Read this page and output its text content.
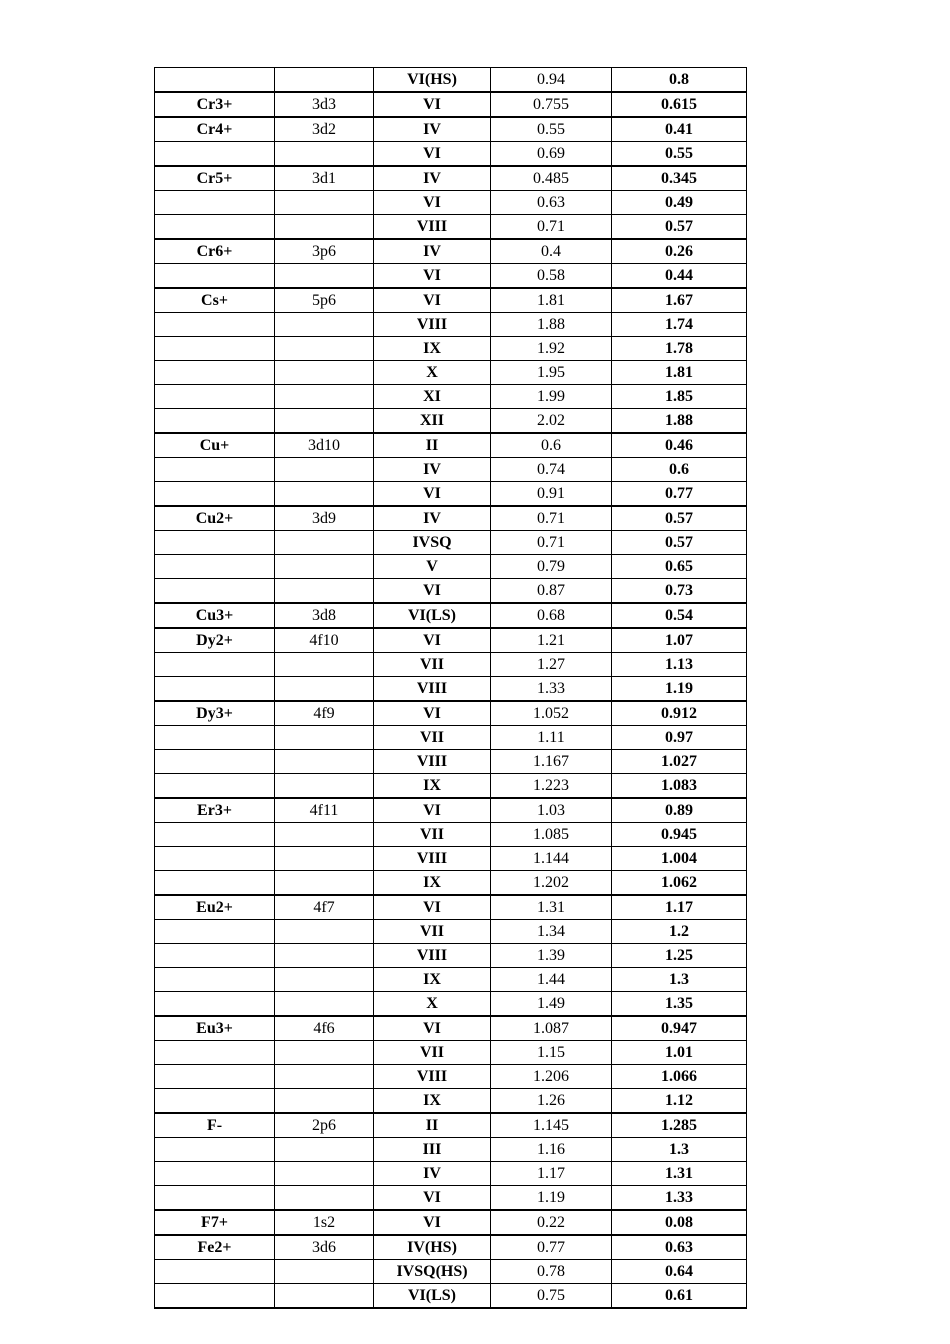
		VI(HS)	0.94	0.8
Cr3+	3d3	VI	0.755	0.615
Cr4+	3d2	IV	0.55	0.41
		VI	0.69	0.55
Cr5+	3d1	IV	0.485	0.345
		VI	0.63	0.49
		VIII	0.71	0.57
Cr6+	3p6	IV	0.4	0.26
		VI	0.58	0.44
Cs+	5p6	VI	1.81	1.67
		VIII	1.88	1.74
		IX	1.92	1.78
		X	1.95	1.81
		XI	1.99	1.85
		XII	2.02	1.88
Cu+	3d10	II	0.6	0.46
		IV	0.74	0.6
		VI	0.91	0.77
Cu2+	3d9	IV	0.71	0.57
		IVSQ	0.71	0.57
		V	0.79	0.65
		VI	0.87	0.73
Cu3+	3d8	VI(LS)	0.68	0.54
Dy2+	4f10	VI	1.21	1.07
		VII	1.27	1.13
		VIII	1.33	1.19
Dy3+	4f9	VI	1.052	0.912
		VII	1.11	0.97
		VIII	1.167	1.027
		IX	1.223	1.083
Er3+	4f11	VI	1.03	0.89
		VII	1.085	0.945
		VIII	1.144	1.004
		IX	1.202	1.062
Eu2+	4f7	VI	1.31	1.17
		VII	1.34	1.2
		VIII	1.39	1.25
		IX	1.44	1.3
		X	1.49	1.35
Eu3+	4f6	VI	1.087	0.947
		VII	1.15	1.01
		VIII	1.206	1.066
		IX	1.26	1.12
F-	2p6	II	1.145	1.285
		III	1.16	1.3
		IV	1.17	1.31
		VI	1.19	1.33
F7+	1s2	VI	0.22	0.08
Fe2+	3d6	IV(HS)	0.77	0.63
		IVSQ(HS)	0.78	0.64
		VI(LS)	0.75	0.61
